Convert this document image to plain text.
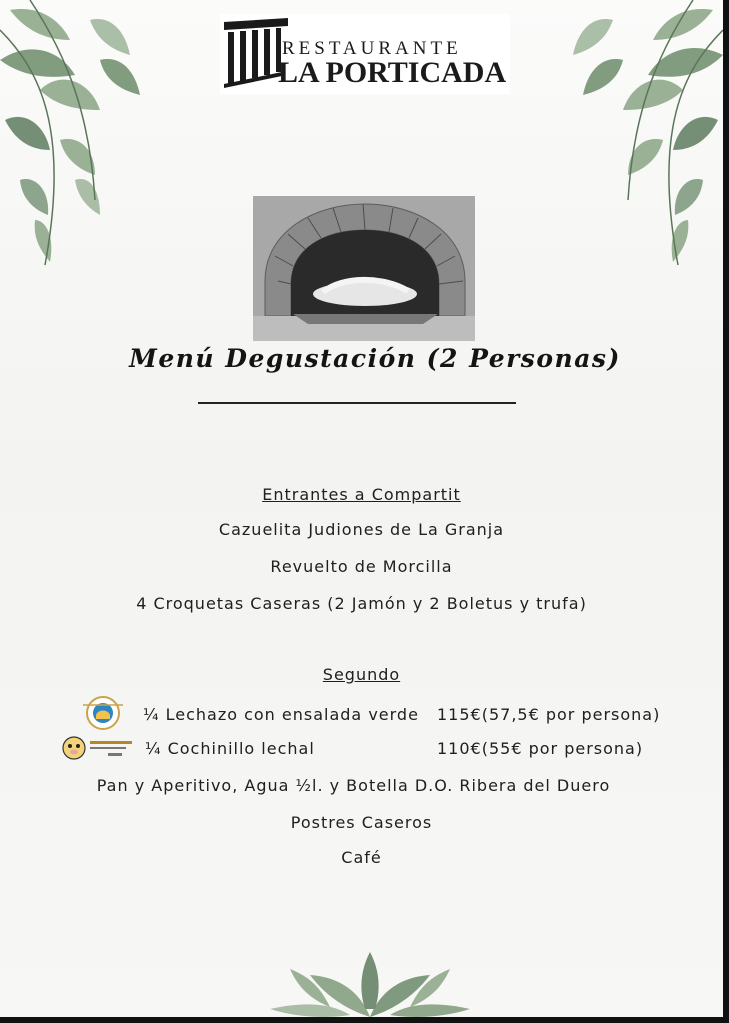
RESTAURANTE
LA PORTICADA
Menú Degustación (2 Personas)
Entrantes a Compartit
Cazuelita Judiones de La Granja
Revuelto de Morcilla
4 Croquetas Caseras (2 Jamón y 2 Boletus y trufa)
Segundo
¼ Lechazo con ensalada verde 115€(57,5€ por persona)
¼ Cochinillo lechal	110€(55€ por persona)
Pan y Aperitivo, Agua ½l. y Botella D.O. Ribera del Duero
Postres Caseros
Café
